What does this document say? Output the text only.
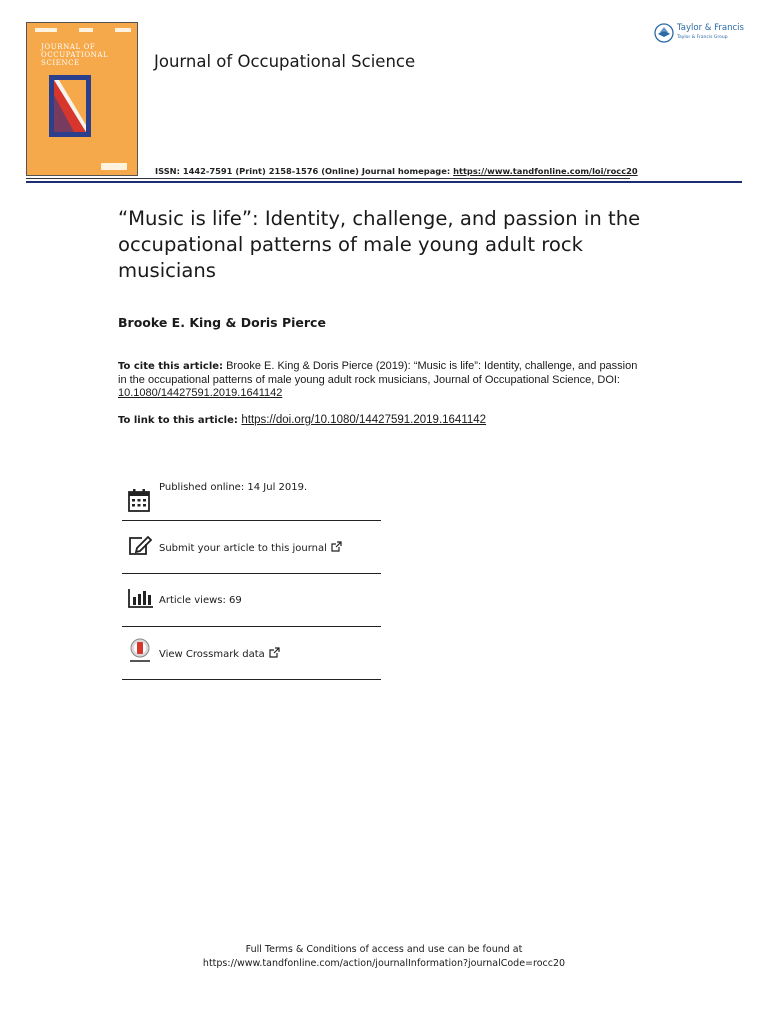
JOURNAL OF
OCCUPATIONAL
SCIENCE	Journal of Occupational Science
Taylor & Francis
Taylor & Francis Group
ISSN: 1442-7591 (Print) 2158-1576 (Online) Journal homepage: https://www.tandfonline.com/loi/rocc20
“Music is life”: Identity, challenge, and passion in the occupational patterns of male young adult rock musicians
Brooke E. King & Doris Pierce
To cite this article: Brooke E. King & Doris Pierce (2019): “Music is life”: Identity, challenge, and passion in the occupational patterns of male young adult rock musicians, Journal of Occupational Science, DOI: 10.1080/14427591.2019.1641142
To link to this article: https://doi.org/10.1080/14427591.2019.1641142
Published online: 14 Jul 2019.
Submit your article to this journal
Article views: 69
View Crossmark data
Full Terms & Conditions of access and use can be found at
https://www.tandfonline.com/action/journalInformation?journalCode=rocc20
